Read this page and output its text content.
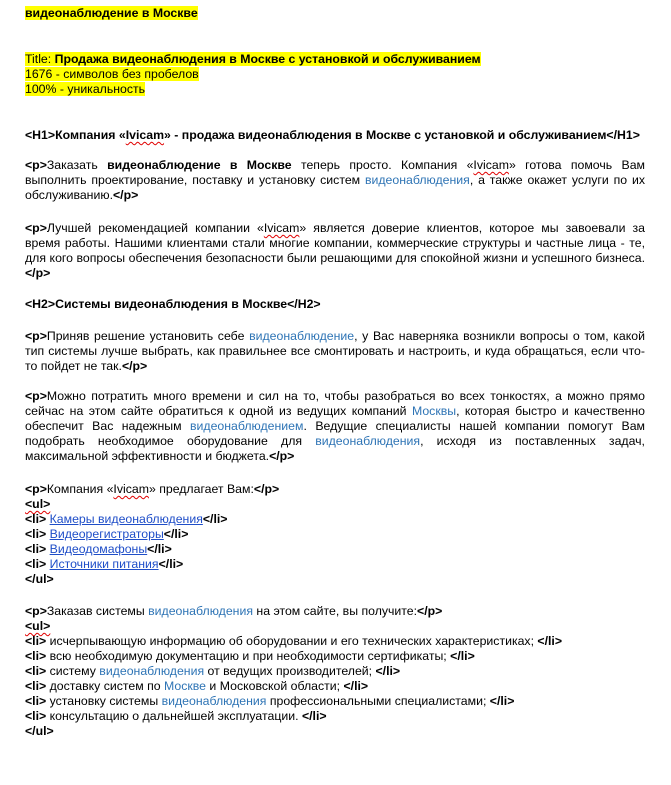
видеонаблюдение в Москве
Title: Продажа видеонаблюдения в Москве с установкой и обслуживанием
1676 - символов без пробелов
100% - уникальность
<H1>Компания «Ivicam» - продажа видеонаблюдения в Москве с установкой и обслуживанием</H1>
<p>Заказать видеонаблюдение в Москве теперь просто. Компания «Ivicam» готова помочь Вам выполнить проектирование, поставку и установку систем видеонаблюдения, а также окажет услуги по их обслуживанию.</p>
<p>Лучшей рекомендацией компании «Ivicam» является доверие клиентов, которое мы завоевали за время работы. Нашими клиентами стали многие компании, коммерческие структуры и частные лица - те, для кого вопросы обеспечения безопасности были решающими для спокойной жизни и успешного бизнеса.</p>
<H2>Системы видеонаблюдения в Москве</H2>
<p>Приняв решение установить себе видеонаблюдение, у Вас наверняка возникли вопросы о том, какой тип системы лучше выбрать, как правильнее все смонтировать и настроить, и куда обращаться, если что-то пойдет не так.</p>
<p>Можно потратить много времени и сил на то, чтобы разобраться во всех тонкостях, а можно прямо сейчас на этом сайте обратиться к одной из ведущих компаний Москвы, которая быстро и качественно обеспечит Вас надежным видеонаблюдением. Ведущие специалисты нашей компании помогут Вам подобрать необходимое оборудование для видеонаблюдения, исходя из поставленных задач, максимальной эффективности и бюджета.</p>
<p>Компания «Ivicam» предлагает Вам:</p>
<ul>
<li> Камеры видеонаблюдения</li>
<li> Видеорегистраторы</li>
<li> Видеодомафоны</li>
<li> Источники питания</li>
</ul>
<p>Заказав системы видеонаблюдения на этом сайте, вы получите:</p>
<ul>
<li> исчерпывающую информацию об оборудовании и его технических характеристиках; </li>
<li> всю необходимую документацию и при необходимости сертификаты; </li>
<li> систему видеонаблюдения от ведущих производителей; </li>
<li> доставку систем по Москве и Московской области; </li>
<li> установку системы видеонаблюдения профессиональными специалистами; </li>
<li> консультацию о дальнейшей эксплуатации. </li>
</ul>
